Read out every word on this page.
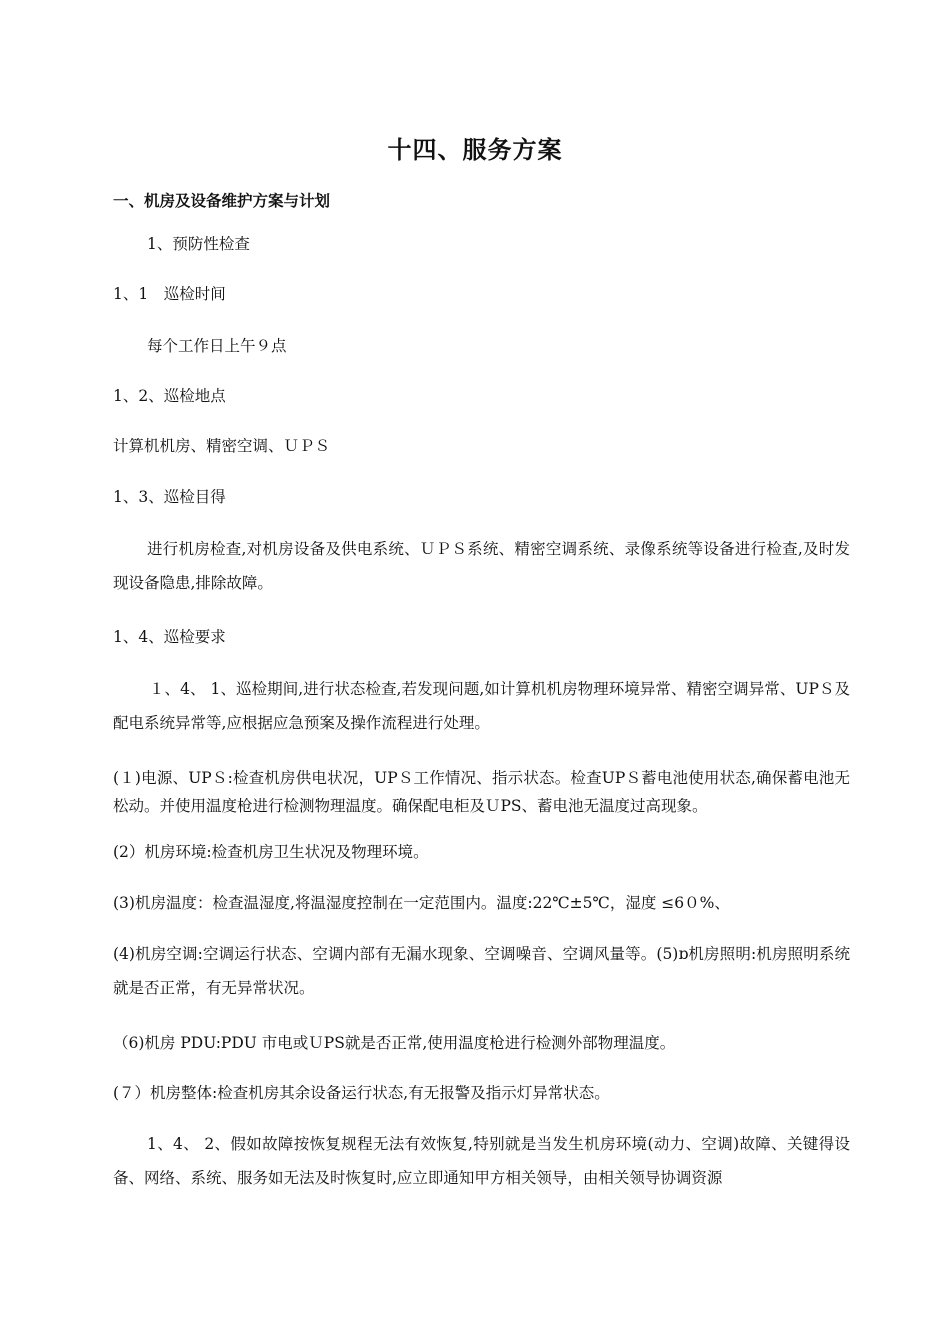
十四、服务方案
一、机房及设备维护方案与计划
1、预防性检查
1、1　巡检时间
每个工作日上午９点
1、2、巡检地点
计算机机房、精密空调、ＵＰＳ
1、3、巡检目得
进行机房检查,对机房设备及供电系统、ＵＰＳ系统、精密空调系统、录像系统等设备进行检查,及时发现设备隐患,排除故障。
1、4、巡检要求
１、4、 1、巡检期间,进行状态检查,若发现问题,如计算机机房物理环境异常、精密空调异常、UPＳ及配电系统异常等,应根据应急预案及操作流程进行处理。
(１)电源、UPＳ:检查机房供电状况，UPＳ工作情况、指示状态。检查UPＳ蓄电池使用状态,确保蓄电池无松动。并使用温度枪进行检测物理温度。确保配电柜及ＵPS、蓄电池无温度过高现象。
(2）机房环境:检查机房卫生状况及物理环境。
(3)机房温度：检查温湿度,将温湿度控制在一定范围内。温度:22℃±5℃，湿度 ≤6０%、
(4)机房空调:空调运行状态、空调内部有无漏水现象、空调噪音、空调风量等。(5)ɒ机房照明:机房照明系统就是否正常，有无异常状况。
（6)机房 PDU:PDU 市电或ＵPS就是否正常,使用温度枪进行检测外部物理温度。
(７）机房整体:检查机房其余设备运行状态,有无报警及指示灯异常状态。
1、4、 2、假如故障按恢复规程无法有效恢复,特别就是当发生机房环境(动力、空调)故障、关键得设备、网络、系统、服务如无法及时恢复时,应立即通知甲方相关领导，由相关领导协调资源
